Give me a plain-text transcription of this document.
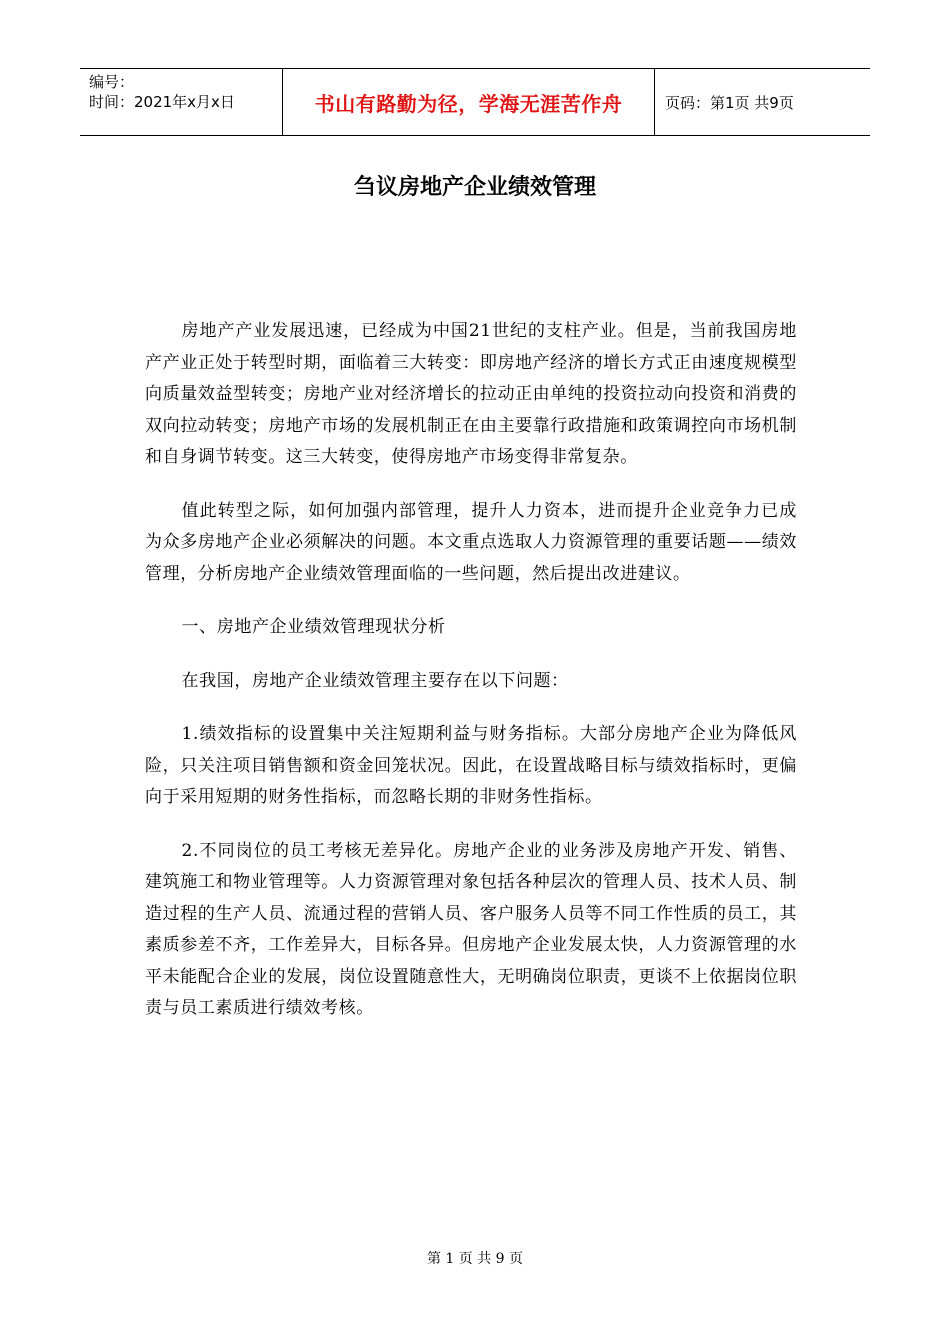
编号：
时间：2021年x月x日	书山有路勤为径，学海无涯苦作舟	页码：第1页 共9页
刍议房地产企业绩效管理

房地产产业发展迅速，已经成为中国21世纪的支柱产业。但是，当前我国房地产产业正处于转型时期，面临着三大转变：即房地产经济的增长方式正由速度规模型向质量效益型转变；房地产业对经济增长的拉动正由单纯的投资拉动向投资和消费的双向拉动转变；房地产市场的发展机制正在由主要靠行政措施和政策调控向市场机制和自身调节转变。这三大转变，使得房地产市场变得非常复杂。

值此转型之际，如何加强内部管理，提升人力资本，进而提升企业竞争力已成为众多房地产企业必须解决的问题。本文重点选取人力资源管理的重要话题——绩效管理，分析房地产企业绩效管理面临的一些问题，然后提出改进建议。

一、房地产企业绩效管理现状分析

在我国，房地产企业绩效管理主要存在以下问题：

1.绩效指标的设置集中关注短期利益与财务指标。大部分房地产企业为降低风险，只关注项目销售额和资金回笼状况。因此，在设置战略目标与绩效指标时，更偏向于采用短期的财务性指标，而忽略长期的非财务性指标。

2.不同岗位的员工考核无差异化。房地产企业的业务涉及房地产开发、销售、建筑施工和物业管理等。人力资源管理对象包括各种层次的管理人员、技术人员、制造过程的生产人员、流通过程的营销人员、客户服务人员等不同工作性质的员工，其素质参差不齐，工作差异大，目标各异。但房地产企业发展太快，人力资源管理的水平未能配合企业的发展，岗位设置随意性大，无明确岗位职责，更谈不上依据岗位职责与员工素质进行绩效考核。

第 1 页 共 9 页
